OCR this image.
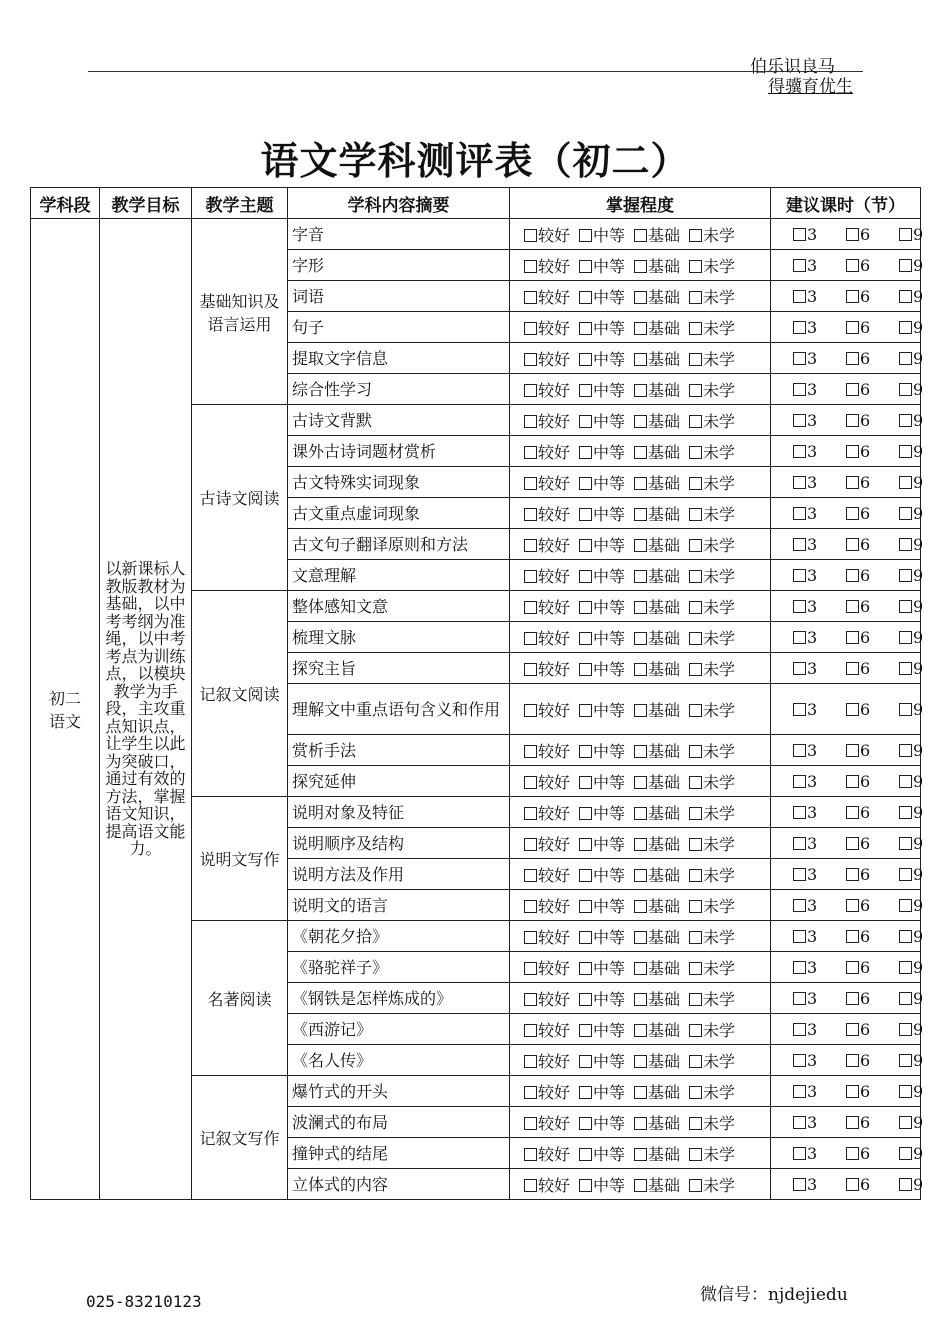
伯乐识良马
得骥育优生
语文学科测评表（初二）
学科段	教学目标	教学主题	学科内容摘要	掌握程度	建议课时（节）
初二
语文	以新课标人教版教材为基础，以中考考纲为准绳，以中考考点为训练点，以模块教学为手段，主攻重点知识点，让学生以此为突破口，通过有效的方法，掌握语文知识，提高语文能力。	基础知识及语言运用	字音	较好 中等 基础 未学	3 6 9
			字形	较好 中等 基础 未学	3 6 9
			词语	较好 中等 基础 未学	3 6 9
			句子	较好 中等 基础 未学	3 6 9
			提取文字信息	较好 中等 基础 未学	3 6 9
			综合性学习	较好 中等 基础 未学	3 6 9
		古诗文阅读	古诗文背默	较好 中等 基础 未学	3 6 9
			课外古诗词题材赏析	较好 中等 基础 未学	3 6 9
			古文特殊实词现象	较好 中等 基础 未学	3 6 9
			古文重点虚词现象	较好 中等 基础 未学	3 6 9
			古文句子翻译原则和方法	较好 中等 基础 未学	3 6 9
			文意理解	较好 中等 基础 未学	3 6 9
		记叙文阅读	整体感知文意	较好 中等 基础 未学	3 6 9
			梳理文脉	较好 中等 基础 未学	3 6 9
			探究主旨	较好 中等 基础 未学	3 6 9
			理解文中重点语句含义和作用	较好 中等 基础 未学	3 6 9
			赏析手法	较好 中等 基础 未学	3 6 9
			探究延伸	较好 中等 基础 未学	3 6 9
		说明文写作	说明对象及特征	较好 中等 基础 未学	3 6 9
			说明顺序及结构	较好 中等 基础 未学	3 6 9
			说明方法及作用	较好 中等 基础 未学	3 6 9
			说明文的语言	较好 中等 基础 未学	3 6 9
		名著阅读	《朝花夕拾》	较好 中等 基础 未学	3 6 9
			《骆驼祥子》	较好 中等 基础 未学	3 6 9
			《钢铁是怎样炼成的》	较好 中等 基础 未学	3 6 9
			《西游记》	较好 中等 基础 未学	3 6 9
			《名人传》	较好 中等 基础 未学	3 6 9
		记叙文写作	爆竹式的开头	较好 中等 基础 未学	3 6 9
			波澜式的布局	较好 中等 基础 未学	3 6 9
			撞钟式的结尾	较好 中等 基础 未学	3 6 9
			立体式的内容	较好 中等 基础 未学	3 6 9
025-83210123	微信号：njdejiedu
